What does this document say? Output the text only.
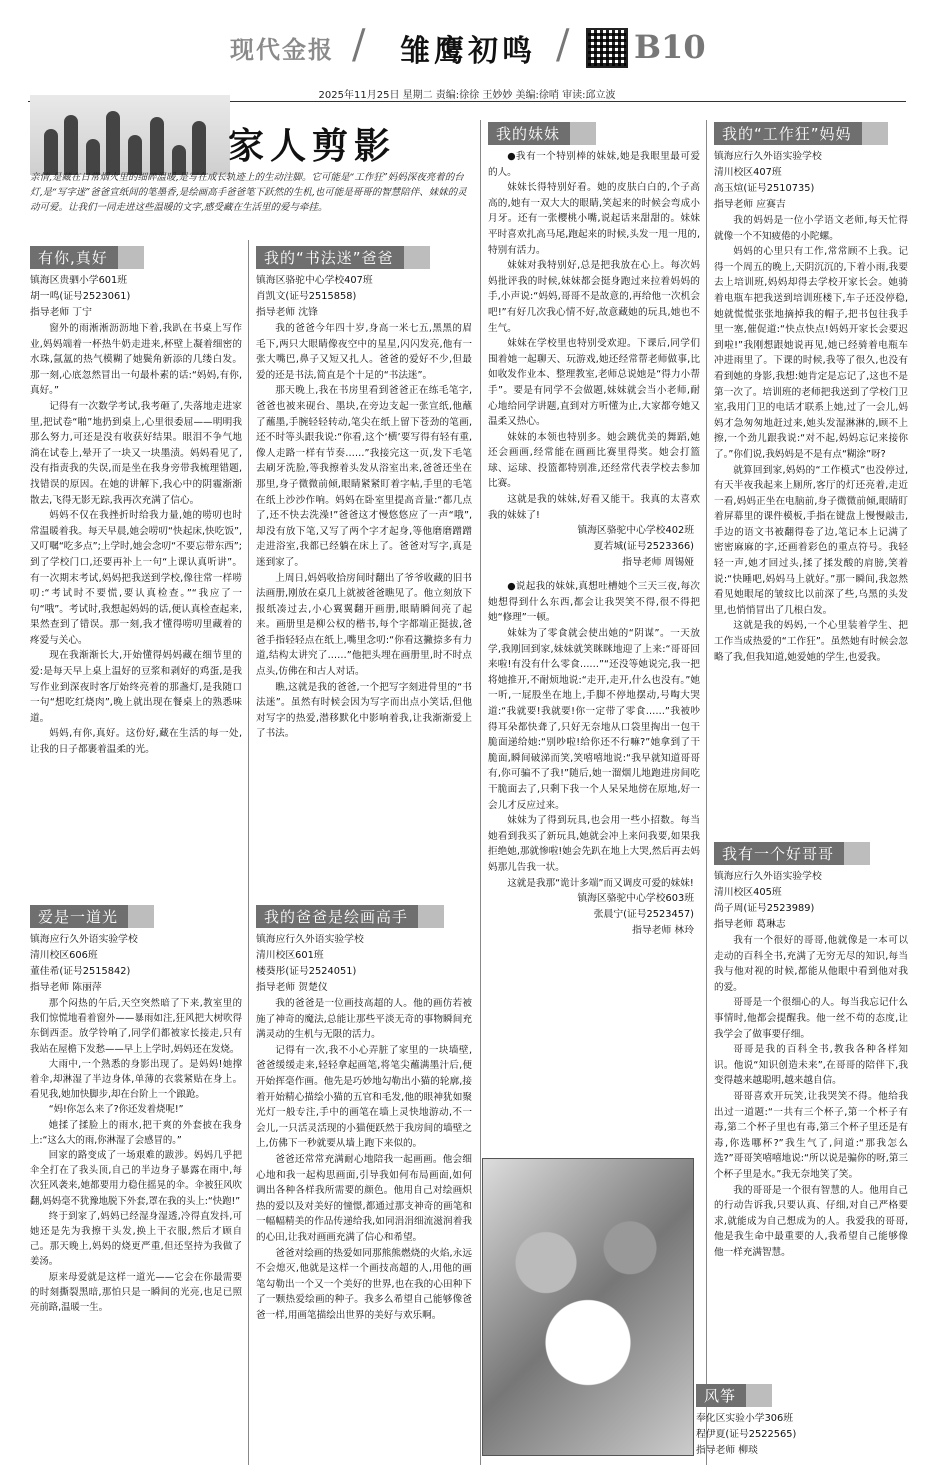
现代金报 / 雏鹰初鸣 / B10
2025年11月25日 星期二 责编:徐徐 王妙妙 美编:徐哨 审读:邱立波
家人剪影
亲情,是藏在日常烟火里的细碎温暖,是写在成长轨迹上的生动注脚。它可能是“工作狂”妈妈深夜亮着的台灯,是“写字迷”爸爸宣纸间的笔墨香,是绘画高手爸爸笔下跃然的生机,也可能是哥哥的智慧陪伴、妹妹的灵动可爱。让我们一同走进这些温暖的文字,感受藏在生活里的爱与牵挂。
有你,真好
镇海区贵驷小学601班
胡一鸣(证号2523061)
指导老师 丁宁

窗外的雨淅淅沥沥地下着,我趴在书桌上写作业,妈妈端着一杯热牛奶走进来,杯壁上凝着细密的水珠,氤氲的热气模糊了她鬓角新添的几缕白发。那一刻,心底忽然冒出一句最朴素的话:“妈妈,有你,真好。”

记得有一次数学考试,我考砸了,失落地走进家里,把试卷“啪”地扔到桌上,心里很委屈——明明我那么努力,可还是没有收获好结果。眼泪不争气地淌在试卷上,晕开了一块又一块墨渍。妈妈看见了,没有指责我的失误,而是坐在我身旁带我梳理错题,找错误的原因。在她的讲解下,我心中的阴霾渐渐散去,飞得无影无踪,我再次充满了信心。

妈妈不仅在我挫折时给我力量,她的唠叨也时常温暖着我。每天早晨,她会唠叨“快起床,快吃饭”,又叮嘱“吃多点”;上学时,她会念叨“不要忘带东西”;到了学校门口,还要再补上一句“上课认真听讲”。有一次期末考试,妈妈把我送到学校,像往常一样唠叨:“考试时不要慌,要认真检查。”“我应了一句“哦”。考试时,我想起妈妈的话,便认真检查起来,果然查到了错误。那一刻,我才懂得唠叨里藏着的疼爱与关心。

现在我渐渐长大,开始懂得妈妈藏在细节里的爱:是每天早上桌上温好的豆浆和剥好的鸡蛋,是我写作业到深夜时客厅始终亮着的那盏灯,是我随口一句“想吃红烧肉”,晚上就出现在餐桌上的熟悉味道。

妈妈,有你,真好。这份好,藏在生活的每一处,让我的日子都裹着温柔的光。

爱是一道光
镇海应行久外语实验学校
清川校区606班
董佳希(证号2515842)
指导老师 陈丽萍

那个闷热的午后,天空突然暗了下来,教室里的我们惊慌地看着窗外——暴雨如注,狂风把大树吹得东倒西歪。放学铃响了,同学们都被家长接走,只有我站在屋檐下发愁——早上上学时,妈妈还在发烧。

大雨中,一个熟悉的身影出现了。是妈妈!她撑着伞,却淋湿了半边身体,单薄的衣裳紧贴在身上。看见我,她加快脚步,却在台阶上一个踉跄。

“妈!你怎么来了?你还发着烧呢!”

她揉了揉脸上的雨水,把干爽的外套披在我身上:“这么大的雨,你淋湿了会感冒的。”

回家的路变成了一场艰难的跋涉。妈妈几乎把伞全打在了我头顶,自己的半边身子暴露在雨中,每次狂风袭来,她都要用力稳住摇晃的伞。伞被狂风吹翻,妈妈毫不犹豫地脱下外套,罩在我的头上:“快跑!”

终于到家了,妈妈已经湿身湿透,冷得直发抖,可她还是先为我擦干头发,换上干衣服,然后才顾自己。那天晚上,妈妈的烧更严重,但还坚持为我做了姜汤。

原来母爱就是这样一道光——它会在你最需要的时刻撕裂黑暗,那怕只是一瞬间的光亮,也足已照亮前路,温暖一生。

我的“书法迷”爸爸
镇海区骆驼中心学校407班
肖凯文(证号2515858)
指导老师 沈锋

我的爸爸今年四十岁,身高一米七五,黑黑的眉毛下,两只大眼睛像夜空中的星星,闪闪发亮,他有一张大嘴巴,鼻子又短又扎人。爸爸的爱好不少,但最爱的还是书法,简直是个十足的“书法迷”。

那天晚上,我在书房里看到爸爸正在练毛笔字,爸爸也被来砚台、墨块,在旁边支起一张宣纸,他蘸了蘸墨,手腕轻轻转动,笔尖在纸上留下苍劲的笔画,还不时等头跟我说:“你看,这个‘横’要写得有轻有重,像人走路一样有节奏……”我接完这一页,发下毛笔去刷牙洗脸,等我擦着头发从浴室出来,爸爸还坐在那里,身子微微前倾,眼睛紧紧盯着字帖,手里的毛笔在纸上沙沙作响。妈妈在卧室里提高音量:“都几点了,还不快去洗澡!”爸爸这才慢悠悠应了一声“哦”,却没有放下笔,又写了两个字才起身,等他磨磨蹭蹭走进浴室,我都已经躺在床上了。爸爸对写字,真是迷到家了。

上周日,妈妈收拾房间时翻出了爷爷收藏的旧书法画册,刚放在桌几上就被爸爸瞧见了。他立刻放下报纸凑过去,小心翼翼翻开画册,眼睛瞬间亮了起来。画册里是柳公权的楷书,每个字都端正挺拔,爸爸手指轻轻点在纸上,嘴里念叨:“你看这撇捺多有力道,结构太讲究了……”他把头埋在画册里,时不时点点头,仿佛在和古人对话。

瞧,这就是我的爸爸,一个把写字刻进骨里的“书法迷”。虽然有时候会因为写字而出点小笑话,但他对写字的热爱,潜移默化中影响着我,让我渐渐爱上了书法。

我的爸爸是绘画高手
镇海应行久外语实验学校
清川校区601班
楼葵彤(证号2524051)
指导老师 贺楚仪

我的爸爸是一位画技高超的人。他的画仿若被施了神奇的魔法,总能让那些平淡无奇的事物瞬间充满灵动的生机与无限的活力。

记得有一次,我不小心弄脏了家里的一块墙壁,爸爸缓缓走来,轻轻拿起画笔,将笔尖蘸满墨汁后,便开始挥毫作画。他先是巧妙地勾勒出小猫的轮廓,接着开始精心描绘小猫的五官和毛发,他的眼神犹如聚光灯一般专注,手中的画笔在墙上灵快地游动,不一会儿,一只活灵活现的小猫便跃然于我房间的墙壁之上,仿佛下一秒就要从墙上跑下来似的。

爸爸还常常充满耐心地陪我一起画画。他会细心地和我一起构思画面,引导我如何布局画面,如何调出各种各样我所需要的颜色。他用自己对绘画炽热的爱以及对美好的憧憬,都通过那支神奇的画笔和一幅幅精美的作品传递给我,如同涓涓细流滋润着我的心田,让我对画画充满了信心和希望。

爸爸对绘画的热爱如同那熊熊燃烧的火焰,永远不会熄灭,他就是这样一个画技高超的人,用他的画笔勾勒出一个又一个美好的世界,也在我的心田种下了一颗热爱绘画的种子。我多么希望自己能够像爸爸一样,用画笔描绘出世界的美好与欢乐啊。

我的妹妹

●我有一个特别棒的妹妹,她是我眼里最可爱的人。

妹妹长得特别好看。她的皮肤白白的,个子高高的,她有一双大大的眼睛,笑起来的时候会弯成小月牙。还有一张樱桃小嘴,说起话来甜甜的。妹妹平时喜欢扎高马尾,跑起来的时候,头发一甩一甩的,特别有活力。

妹妹对我特别好,总是把我放在心上。每次妈妈批评我的时候,妹妹都会挺身跑过来拉着妈妈的手,小声说:“妈妈,哥哥不是故意的,再给他一次机会吧!”有好几次我心情不好,故意藏她的玩具,她也不生气。

妹妹在学校里也特别受欢迎。下课后,同学们围着她一起聊天、玩游戏,她还经常帮老师做事,比如收发作业本、整理教室,老师总说她是“得力小帮手”。要是有同学不会做题,妹妹就会当小老师,耐心地给同学讲题,直到对方听懂为止,大家都夸她又温柔又热心。

妹妹的本领也特别多。她会跳优美的舞蹈,她还会画画,经常能在画画比赛里得奖。她会打篮球、运球、投篮都特别准,还经常代表学校去参加比赛。

这就是我的妹妹,好看又能干。我真的太喜欢我的妹妹了!

镇海区骆驼中心学校402班
夏若城(证号2523366)
指导老师 周锡娅

●说起我的妹妹,真想吐槽她个三天三夜,每次她想得到什么东西,都会让我哭笑不得,很不得把她“修理”一顿。

妹妹为了零食就会使出她的“阴谋”。一天放学,我刚回到家,妹妹就笑眯眯地迎了上来:“哥哥回来啦!有没有什么零食……”“还没等她说完,我一把将她推开,不耐烦地说:“走开,走开,什么也没有。”她一听,一屁股坐在地上,手脚不停地摆动,号啕大哭道:“我就要!我就要!你一定带了零食……”我被吵得耳朵都快聋了,只好无奈地从口袋里掏出一包干脆面递给她:“别吵啦!给你还不行嘛?”她拿到了干脆面,瞬间破涕而笑,笑嘻嘻地说:“我早就知道哥哥有,你可骗不了我!”随后,她一溜烟儿地跑进房间吃干脆面去了,只剩下我一个人呆呆地傍在原地,好一会儿才反应过来。

妹妹为了得到玩具,也会用一些小招数。每当她看到我买了新玩具,她就会冲上来问我要,如果我拒绝她,那就惨啦!她会先趴在地上大哭,然后再去妈妈那儿告我一状。

这就是我那“诡计多端”而又调皮可爱的妹妹!

镇海区骆驼中心学校603班
张晨宁(证号2523457)
指导老师 林玲
我的“工作狂”妈妈
镇海应行久外语实验学校
清川校区407班
高玉煊(证号2510735)
指导老师 应赛吉

我的妈妈是一位小学语文老师,每天忙得就像一个不知疲倦的小陀螺。

妈妈的心里只有工作,常常顾不上我。记得一个周五的晚上,天阴沉沉的,下着小雨,我要去上培训班,妈妈却得去学校开家长会。她骑着电瓶车把我送到培训班楼下,车子还没停稳,她就慌慌张张地摘掉我的帽子,把书包往我手里一塞,催促道:“快点快点!妈妈开家长会要迟到啦!”我刚想跟她说再见,她已经骑着电瓶车冲进雨里了。下课的时候,我等了很久,也没有看到她的身影,我想:她肯定是忘记了,这也不是第一次了。培训班的老师把我送到了学校门卫室,我用门卫的电话才联系上她,过了一会儿,妈妈才急匆匆地赶过来,她头发湿淋淋的,顾不上擦,一个劲儿跟我说:“对不起,妈妈忘记来接你了。”你们说,我妈妈是不是有点“糊涂”呀?

就算回到家,妈妈的“工作模式”也没停过,有天半夜我起来上厕所,客厅的灯还亮着,走近一看,妈妈正坐在电脑前,身子微微前倾,眼睛盯着屏幕里的课件模板,手指在键盘上慢慢敲击,手边的语文书被翻得卷了边,笔记本上记满了密密麻麻的字,还画着彩色的重点符号。我轻轻一声,她才回过头,揉了揉发酸的肩膀,笑着说:“快睡吧,妈妈马上就好。”那一瞬间,我忽然看见她眼尾的皱纹比以前深了些,乌黑的头发里,也悄悄冒出了几根白发。

这就是我的妈妈,一个心里装着学生、把工作当成热爱的“工作狂”。虽然她有时候会忽略了我,但我知道,她爱她的学生,也爱我。

我有一个好哥哥
镇海应行久外语实验学校
清川校区405班
尚子周(证号2523989)
指导老师 葛琳志

我有一个很好的哥哥,他就像是一本可以走动的百科全书,充满了无穷无尽的知识,每当我与他对视的时候,都能从他眼中看到他对我的爱。

哥哥是一个很细心的人。每当我忘记什么事情时,他都会提醒我。他一丝不苟的态度,让我学会了做事要仔细。

哥哥是我的百科全书,教我各种各样知识。他说“知识创造未来”,在哥哥的陪伴下,我变得越来越聪明,越来越自信。

哥哥喜欢开玩笑,让我哭笑不得。他给我出过一道题:“一共有三个杯子,第一个杯子有毒,第二个杯子里也有毒,第三个杯子里还是有毒,你选哪杯?”我生气了,问道:“那我怎么选?”哥哥笑嘻嘻地说:“所以说是骗你的呀,第三个杯子里是水。”我无奈地笑了笑。

我的哥哥是一个很有智慧的人。他用自己的行动告诉我,只要认真、仔细,对自己严格要求,就能成为自己想成为的人。我爱我的哥哥,他是我生命中最重要的人,我希望自己能够像他一样充满智慧。

风筝
奉化区实验小学306班
程伊夏(证号2522565)
指导老师 柳琰
